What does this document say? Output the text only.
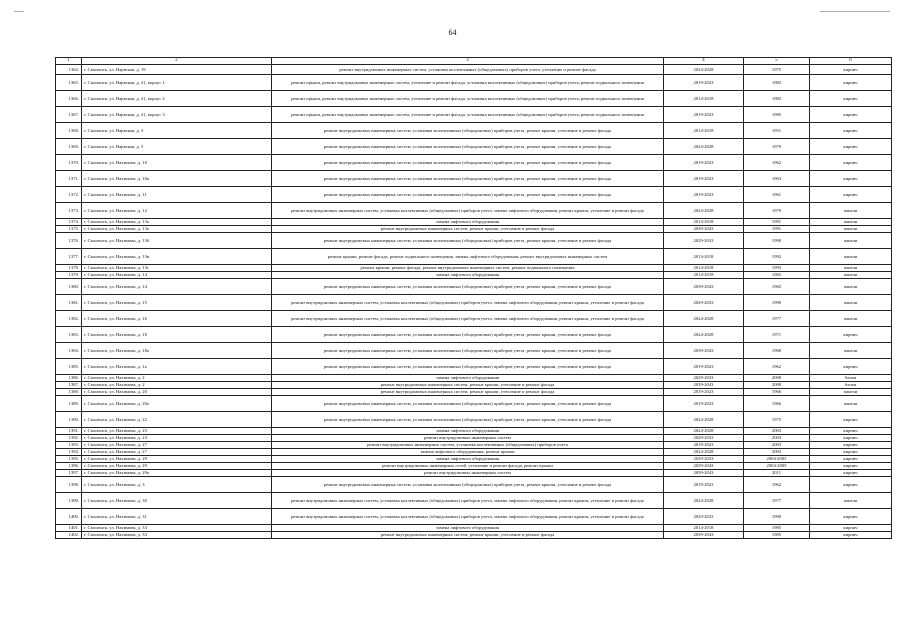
64
1	2	3	4	5	6
1364.	г. Смоленск, ул. Нарвская, д. 19	ремонт внутридомовых инженерных систем, установка коллективных (общедомовых) приборов учета, утепление и ремонт фасада	2024-2028	1975	кирпич
1365.	г. Смоленск, ул. Нарвская, д. 21, корпус 1	ремонт крыши, ремонт внутридомовых инженерных систем, утепление и ремонт фасада, установка коллективных (общедомовых) приборов учета, ремонт подвального помещения	2019-2023	1982	кирпич
1366.	г. Смоленск, ул. Нарвская, д. 21, корпус 2	ремонт крыши, ремонт внутридомовых инженерных систем, утепление и ремонт фасада, установка коллективных (общедомовых) приборов учета, ремонт подвального помещения	2014-2018	1982	кирпич
1367.	г. Смоленск, ул. Нарвская, д. 21, корпус 3	ремонт крыши, ремонт внутридомовых инженерных систем, утепление и ремонт фасада, установка коллективных (общедомовых) приборов учета, ремонт подвального помещения	2019-2023	1985	кирпич
1368.	г. Смоленск, ул. Нарвская, д. 3	ремонт внутридомовых инженерных систем, установка коллективных (общедомовых) приборов учета, ремонт крыши, утепление и ремонт фасада	2014-2018	1951	кирпич
1369.	г. Смоленск, ул. Нарвская, д. 5	ремонт внутридомовых инженерных систем, установка коллективных (общедомовых) приборов учета, ремонт крыши, утепление и ремонт фасада	2024-2028	1979	кирпич
1370.	г. Смоленск, ул. Нахимова, д. 10	ремонт внутридомовых инженерных систем, установка коллективных (общедомовых) приборов учета, ремонт крыши, утепление и ремонт фасада	2019-2023	1962	кирпич
1371.	г. Смоленск, ул. Нахимова, д. 10а	ремонт внутридомовых инженерных систем, установка коллективных (общедомовых) приборов учета, ремонт крыши, утепление и ремонт фасада	2019-2023	1963	кирпич
1372.	г. Смоленск, ул. Нахимова, д. 11	ремонт внутридомовых инженерных систем, установка коллективных (общедомовых) приборов учета, ремонт крыши, утепление и ремонт фасада	2019-2023	1961	кирпич
1373.	г. Смоленск, ул. Нахимова, д. 12	ремонт внутридомовых инженерных систем, установка коллективных (общедомовых) приборов учета, замена лифтового оборудования, ремонт крыши, утепление и ремонт фасада	2024-2028	1979	панели
1374.	г. Смоленск, ул. Нахимова, д. 13а	замена лифтового оборудования	2014-2018	1991	панели
1375.	г. Смоленск, ул. Нахимова, д. 13а	ремонт внутридомовых инженерных систем, ремонт крыши, утепление и ремонт фасада	2039-2043	1991	панели
1376.	г. Смоленск, ул. Нахимова, д. 13б	ремонт внутридомовых инженерных систем, установка коллективных (общедомовых) приборов учета, ремонт крыши, утепление и ремонт фасада	2029-2033	1990	панели
1377.	г. Смоленск, ул. Нахимова, д. 13в	ремонт крыши, ремонт фасада, ремонт подвального помещения, замена лифтового оборудования, ремонт внутридомовых инженерных систем	2014-2018	1992	панели
1378.	г. Смоленск, ул. Нахимова, д. 13г	ремонт крыши, ремонт фасада, ремонт внутридомовых инженерных систем, ремонт подвального помещения	2014-2018	1993	панели
1379.	г. Смоленск, ул. Нахимова, д. 14	замена лифтового оборудования	2014-2018	1982	панели
1380.	г. Смоленск, ул. Нахимова, д. 14	ремонт внутридомовых инженерных систем, установка коллективных (общедомовых) приборов учета, ремонт крыши, утепление и ремонт фасада	2039-2043	1982	панели
1381.	г. Смоленск, ул. Нахимова, д. 15	ремонт внутридомовых инженерных систем, установка коллективных (общедомовых) приборов учета, замена лифтового оборудования, ремонт крыши, утепление и ремонт фасада	2029-2033	1990	панели
1382.	г. Смоленск, ул. Нахимова, д. 16	ремонт внутридомовых инженерных систем, установка коллективных (общедомовых) приборов учета, замена лифтового оборудования, ремонт крыши, утепление и ремонт фасада	2024-2028	1977	панели
1383.	г. Смоленск, ул. Нахимова, д. 18	ремонт внутридомовых инженерных систем, установка коллективных (общедомовых) приборов учета, ремонт крыши, утепление и ремонт фасада	2024-2028	1971	кирпич
1384.	г. Смоленск, ул. Нахимова, д. 18а	ремонт внутридомовых инженерных систем, установка коллективных (общедомовых) приборов учета, ремонт крыши, утепление и ремонт фасада	2039-2043	1968	панели
1385.	г. Смоленск, ул. Нахимова, д. 1а	ремонт внутридомовых инженерных систем, установка коллективных (общедомовых) приборов учета, ремонт крыши, утепление и ремонт фасада	2019-2023	1962	кирпич
1386.	г. Смоленск, ул. Нахимова, д. 2	замена лифтового оборудования	2029-2033	2008	блоки
1387.	г. Смоленск, ул. Нахимова, д. 2	ремонт внутридомовых инженерных систем, ремонт крыши, утепление и ремонт фасада	2039-2043	2008	блоки
1388.	г. Смоленск, ул. Нахимова, д. 20	ремонт внутридомовых инженерных систем, ремонт крыши, утепление и ремонт фасада	2019-2023	1966	панели
1389.	г. Смоленск, ул. Нахимова, д. 20а	ремонт внутридомовых инженерных систем, установка коллективных (общедомовых) приборов учета, ремонт крыши, утепление и ремонт фасада	2019-2023	1966	панели
1390.	г. Смоленск, ул. Нахимова, д. 22	ремонт внутридомовых инженерных систем, установка коллективных (общедомовых) приборов учета, ремонт крыши, утепление и ремонт фасада	2024-2028	1975	кирпич
1391.	г. Смоленск, ул. Нахимова, д. 23	замена лифтового оборудования	2024-2028	2003	кирпич
1392.	г. Смоленск, ул. Нахимова, д. 23	ремонт внутридомовых инженерных систем	2029-2033	2003	кирпич
1393.	г. Смоленск, ул. Нахимова, д. 27	ремонт внутридомовых инженерных систем, установка коллективных (общедомовых) приборов учета	2019-2023	2003	кирпич
1394.	г. Смоленск, ул. Нахимова, д. 27	замена лифтового оборудования, ремонт крыши	2024-2028	2003	кирпич
1395.	г. Смоленск, ул. Нахимова, д. 29	замена лифтового оборудования	2029-2033	2004-2005	кирпич
1396.	г. Смоленск, ул. Нахимова, д. 29	ремонт внутридомовых инженерных сетей, утепление и ремонт фасада, ремонт крыши	2039-2043	2004-2005	кирпич
1397.	г. Смоленск, ул. Нахимова, д. 29а	ремонт внутридомовых инженерных систем	2039-2043	2011	кирпич
1398.	г. Смоленск, ул. Нахимова, д. 3	ремонт внутридомовых инженерных систем, установка коллективных (общедомовых) приборов учета, ремонт крыши, утепление и ремонт фасада	2019-2023	1962	кирпич
1399.	г. Смоленск, ул. Нахимова, д. 30	ремонт внутридомовых инженерных систем, установка коллективных (общедомовых) приборов учета, замена лифтового оборудования, ремонт крыши, утепление и ремонт фасада	2024-2028	1977	панели
1400.	г. Смоленск, ул. Нахимова, д. 31	ремонт внутридомовых инженерных систем, установка коллективных (общедомовых) приборов учета, замена лифтового оборудования, ремонт крыши, утепление и ремонт фасада	2029-2033	1990	кирпич
1401.	г. Смоленск, ул. Нахимова, д. 33	замена лифтового оборудования	2014-2018	1985	кирпич
1402.	г. Смоленск, ул. Нахимова, д. 33	ремонт внутридомовых инженерных систем, ремонт крыши, утепление и ремонт фасада	2039-2043	1985	кирпич
